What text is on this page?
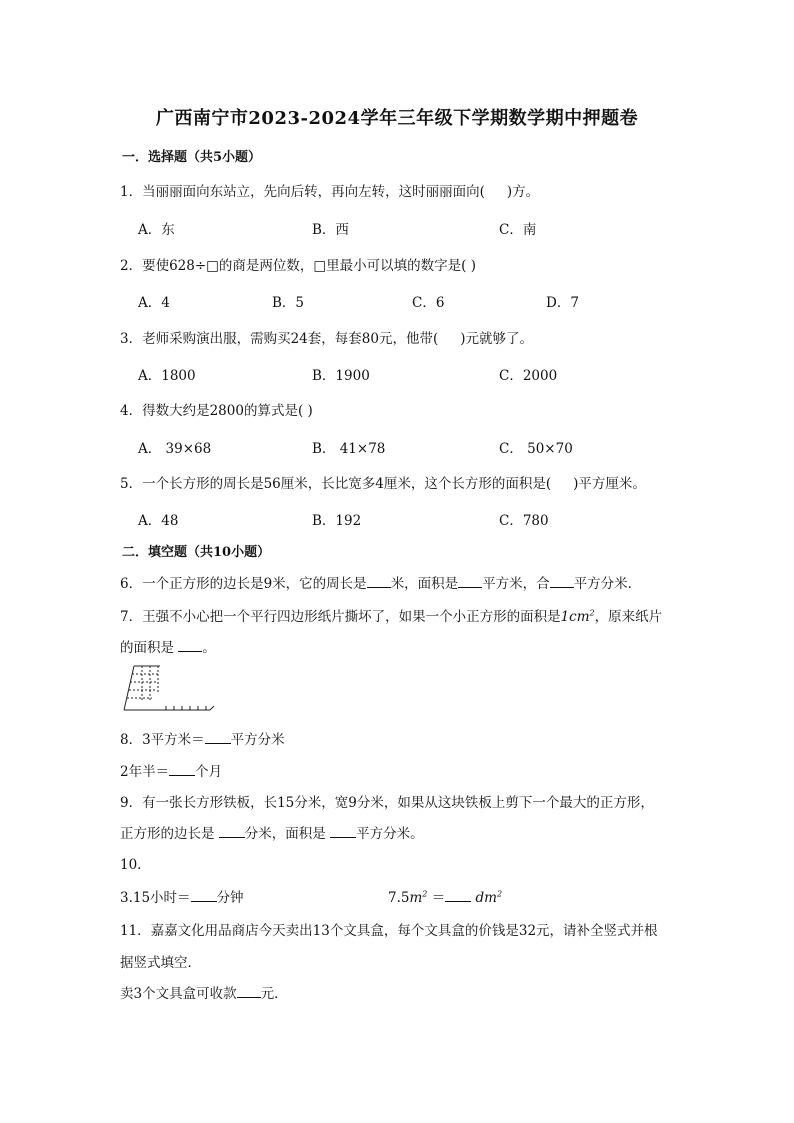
广西南宁市2023-2024学年三年级下学期数学期中押题卷
一．选择题（共5小题）
1．当丽丽面向东站立，先向后转，再向左转，这时丽丽面向( )方。
A．东	B．西	C．南
2．要使628÷□的商是两位数，□里最小可以填的数字是( )
A．4	B．5	C．6	D．7
3．老师采购演出服，需购买24套，每套80元，他带( )元就够了。
A．1800	B．1900	C．2000
4．得数大约是2800的算式是( )
A． 39×68	B． 41×78	C． 50×70
5．一个长方形的周长是56厘米，长比宽多4厘米，这个长方形的面积是( )平方厘米。
A．48	B．192	C．780
二．填空题（共10小题）
6．一个正方形的边长是9米，它的周长是 米，面积是 平方米，合 平方分米．
7．王强不小心把一个平行四边形纸片撕坏了，如果一个小正方形的面积是$1cm^2$，原来纸片
的面积是 。
8．3平方米＝ 平方分米
2年半＝ 个月
9．有一张长方形铁板，长15分米，宽9分米，如果从这块铁板上剪下一个最大的正方形，
正方形的边长是 分米，面积是 平方分米。
10．
3.15小时＝ 分钟	$7.5m^2 = dm^2$
11．嘉嘉文化用品商店今天卖出13个文具盒，每个文具盒的价钱是32元，请补全竖式并根
据竖式填空．
卖3个文具盒可收款 元．
